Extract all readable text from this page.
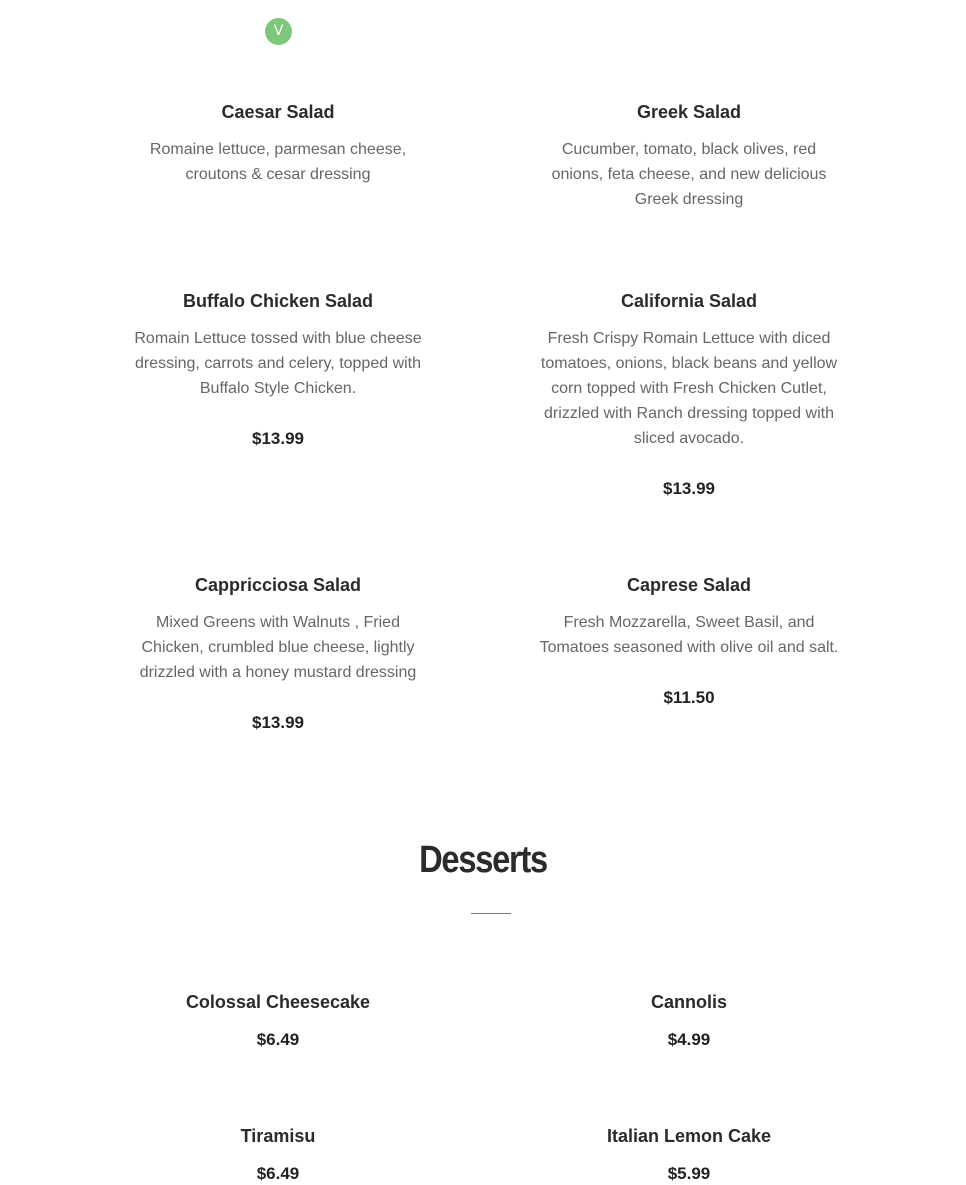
V
Caesar Salad
Romaine lettuce, parmesan cheese, croutons & cesar dressing
Greek Salad
Cucumber, tomato, black olives, red onions, feta cheese, and new delicious Greek dressing
Buffalo Chicken Salad
Romain Lettuce tossed with blue cheese dressing, carrots and celery, topped with Buffalo Style Chicken.
$13.99
California Salad
Fresh Crispy Romain Lettuce with diced tomatoes, onions, black beans and yellow corn topped with Fresh Chicken Cutlet, drizzled with Ranch dressing topped with sliced avocado.
$13.99
Cappricciosa Salad
Mixed Greens with Walnuts , Fried Chicken, crumbled blue cheese, lightly drizzled with a honey mustard dressing
$13.99
Caprese Salad
Fresh Mozzarella, Sweet Basil, and Tomatoes seasoned with olive oil and salt.
$11.50
Desserts
Colossal Cheesecake
$6.49
Cannolis
$4.99
Tiramisu
$6.49
Italian Lemon Cake
$5.99
